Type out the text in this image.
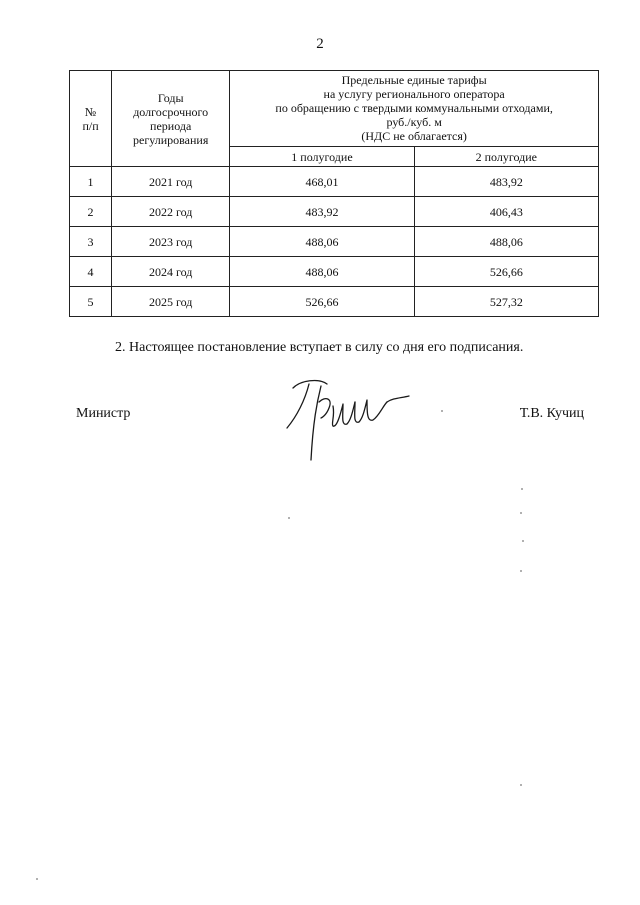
2
№ п/п	Годы долгосрочного периода регулирования	Предельные единые тарифы
на услугу регионального оператора
по обращению с твердыми коммунальными отходами,
руб./куб. м
(НДС не облагается)	

		1 полугодие	2 полугодие
1	2021 год	468,01	483,92
2	2022 год	483,92	406,43
3	2023 год	488,06	488,06
4	2024 год	488,06	526,66
5	2025 год	526,66	527,32
2. Настоящее постановление вступает в силу со дня его подписания.
Министр	Т.В. Кучиц
